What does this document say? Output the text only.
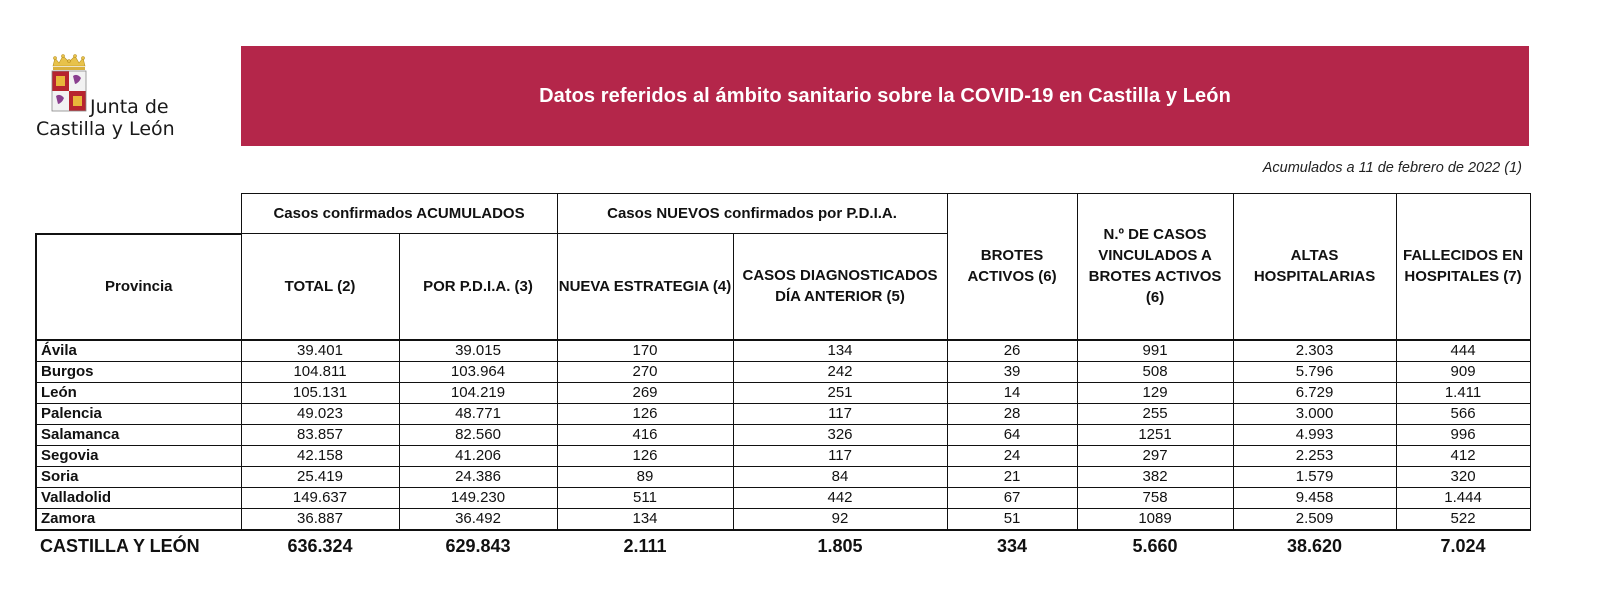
Junta de
Castilla y León
Datos referidos al ámbito sanitario sobre la COVID-19 en Castilla y León
Acumulados a 11 de febrero de 2022 (1)
	Casos confirmados ACUMULADOS		Casos NUEVOS confirmados por P.D.I.A.		BROTES ACTIVOS (6)	N.º DE CASOS VINCULADOS A BROTES ACTIVOS (6)	ALTAS HOSPITALARIAS	FALLECIDOS EN HOSPITALES (7)
Provincia	TOTAL (2)	POR P.D.I.A. (3)	NUEVA ESTRATEGIA (4)	CASOS DIAGNOSTICADOS DÍA ANTERIOR (5)				
Ávila	39.401	39.015	170	134	26	991	2.303	444
Burgos	104.811	103.964	270	242	39	508	5.796	909
León	105.131	104.219	269	251	14	129	6.729	1.411
Palencia	49.023	48.771	126	117	28	255	3.000	566
Salamanca	83.857	82.560	416	326	64	1251	4.993	996
Segovia	42.158	41.206	126	117	24	297	2.253	412
Soria	25.419	24.386	89	84	21	382	1.579	320
Valladolid	149.637	149.230	511	442	67	758	9.458	1.444
Zamora	36.887	36.492	134	92	51	1089	2.509	522
CASTILLA Y LEÓN	636.324	629.843	2.111	1.805	334	5.660	38.620	7.024
